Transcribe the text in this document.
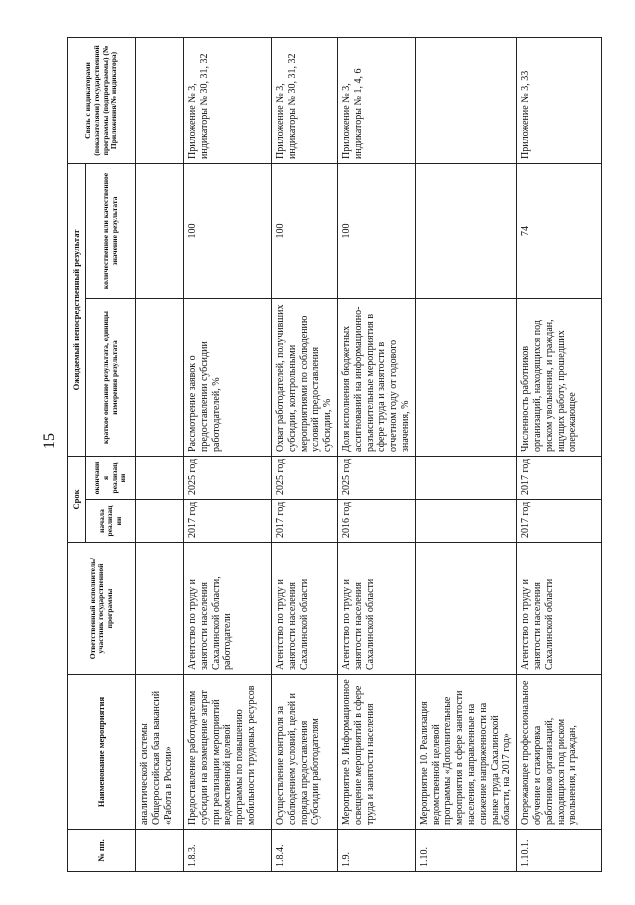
15
№ пп.	Наименование мероприятия	Ответственный исполнитель/участник государственной программы	Срок		Ожидаемый непосредственный результат		Связь с индикаторами (показателями) государственной программы (подпрограммы) (№ Приложения/№ индикатора)
			начала реализации	окончания реализации	краткое описание результата, единицы измерения результата	количественное или качественное значение результата	
	аналитической системы Общероссийская база вакансий «Работа в России»						
1.8.3.	Предоставление работодателям субсидии на возмещение затрат при реализации мероприятий ведомственной целевой программы по повышению мобильности трудовых ресурсов	Агентство по труду и занятости населения Сахалинской области, работодатели	2017 год	2025 год	Рассмотрение заявок о предоставлении субсидии работодателей, %	100	Приложение № 3, индикаторы № 30, 31, 32
1.8.4.	Осуществление контроля за соблюдением условий, целей и порядка предоставления Субсидии работодателям	Агентство по труду и занятости населения Сахалинской области	2017 год	2025 год	Охват работодателей, получивших субсидии, контрольными мероприятиями по соблюдению условий предоставления субсидии, %	100	Приложение № 3, индикаторы № 30, 31, 32
1.9.	Мероприятие 9. Информационное освещение мероприятий в сфере труда и занятости населения	Агентство по труду и занятости населения Сахалинской области	2016 год	2025 год	Доля исполнения бюджетных ассигнований на информационно-разъяснительные мероприятия в сфере труда и занятости в отчетном году от годового значения, %	100	Приложение № 3, индикаторы № 1, 4, 6
1.10.	Мероприятие 10. Реализация ведомственной целевой программы «Дополнительные мероприятия в сфере занятости населения, направленные на снижение напряженности на рынке труда Сахалинской области, на 2017 год»						
1.10.1.	Опережающее профессиональное обучение и стажировка работников организаций, находящихся под риском увольнения, и граждан,	Агентство по труду и занятости населения Сахалинской области	2017 год	2017 год	Численность работников организаций, находящихся под риском увольнения, и граждан, ищущих работу, прошедших опережающее	74	Приложение № 3, 33
